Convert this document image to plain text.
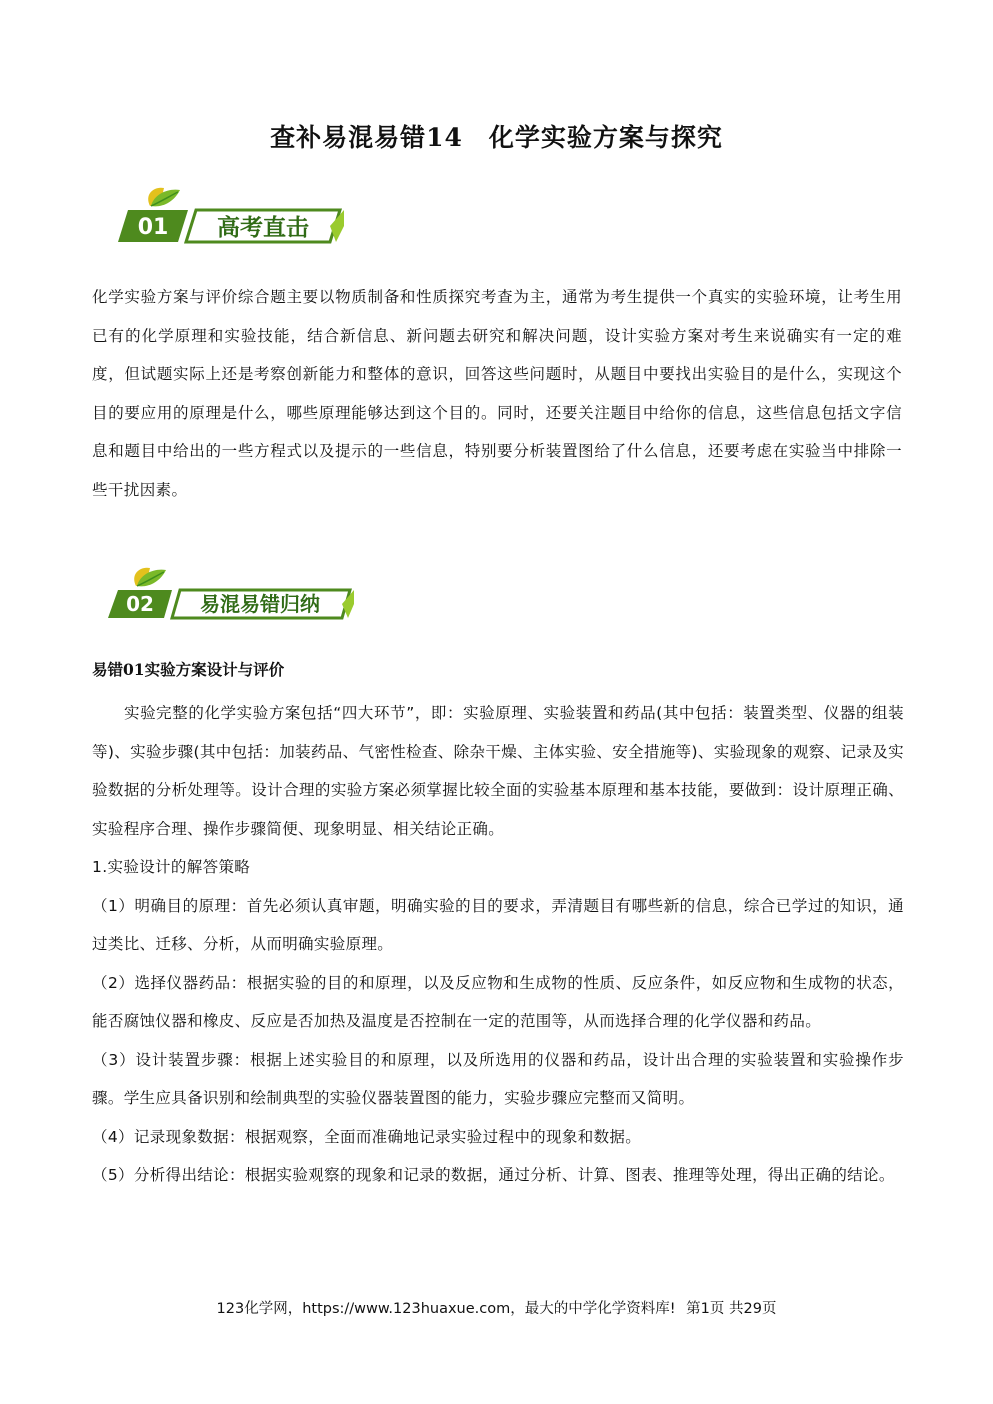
查补易混易错14　化学实验方案与探究
01 高考直击

化学实验方案与评价综合题主要以物质制备和性质探究考查为主，通常为考生提供一个真实的实验环境，让考生用已有的化学原理和实验技能，结合新信息、新问题去研究和解决问题，设计实验方案对考生来说确实有一定的难度，但试题实际上还是考察创新能力和整体的意识，回答这些问题时，从题目中要找出实验目的是什么，实现这个目的要应用的原理是什么，哪些原理能够达到这个目的。同时，还要关注题目中给你的信息，这些信息包括文字信息和题目中给出的一些方程式以及提示的一些信息，特别要分析装置图给了什么信息，还要考虑在实验当中排除一些干扰因素。

02 易混易错归纳
易错01实验方案设计与评价

实验完整的化学实验方案包括“四大环节”，即：实验原理、实验装置和药品(其中包括：装置类型、仪器的组装等)、实验步骤(其中包括：加装药品、气密性检查、除杂干燥、主体实验、安全措施等)、实验现象的观察、记录及实验数据的分析处理等。设计合理的实验方案必须掌握比较全面的实验基本原理和基本技能，要做到：设计原理正确、实验程序合理、操作步骤简便、现象明显、相关结论正确。

1.实验设计的解答策略

（1）明确目的原理：首先必须认真审题，明确实验的目的要求，弄清题目有哪些新的信息，综合已学过的知识，通过类比、迁移、分析，从而明确实验原理。

（2）选择仪器药品：根据实验的目的和原理，以及反应物和生成物的性质、反应条件，如反应物和生成物的状态，能否腐蚀仪器和橡皮、反应是否加热及温度是否控制在一定的范围等，从而选择合理的化学仪器和药品。

（3）设计装置步骤：根据上述实验目的和原理，以及所选用的仪器和药品，设计出合理的实验装置和实验操作步骤。学生应具备识别和绘制典型的实验仪器装置图的能力，实验步骤应完整而又简明。

（4）记录现象数据：根据观察，全面而准确地记录实验过程中的现象和数据。

（5）分析得出结论：根据实验观察的现象和记录的数据，通过分析、计算、图表、推理等处理，得出正确的结论。

123化学网，https://www.123huaxue.com，最大的中学化学资料库! 第1页 共29页
